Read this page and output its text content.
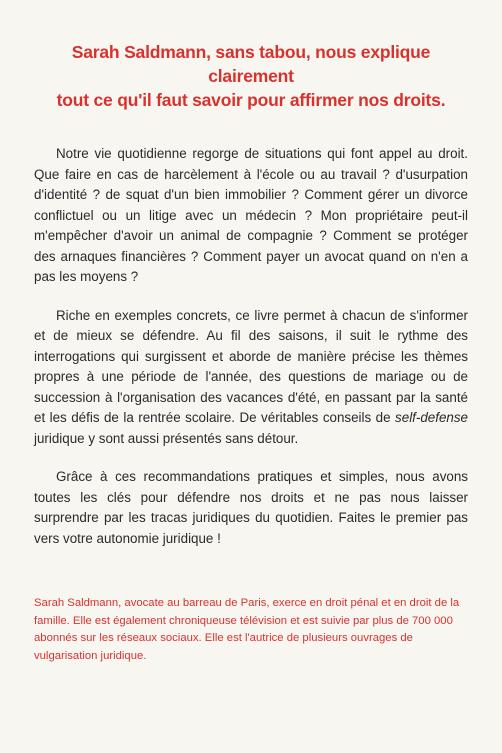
Sarah Saldmann, sans tabou, nous explique clairement
tout ce qu'il faut savoir pour affirmer nos droits.

Notre vie quotidienne regorge de situations qui font appel au droit. Que faire en cas de harcèlement à l'école ou au travail ? d'usurpation d'identité ? de squat d'un bien immobilier ? Comment gérer un divorce conflictuel ou un litige avec un médecin ? Mon propriétaire peut-il m'empêcher d'avoir un animal de compagnie ? Comment se protéger des arnaques financières ? Comment payer un avocat quand on n'en a pas les moyens ?

Riche en exemples concrets, ce livre permet à chacun de s'informer et de mieux se défendre. Au fil des saisons, il suit le rythme des interrogations qui surgissent et aborde de manière précise les thèmes propres à une période de l'année, des questions de mariage ou de succession à l'organisation des vacances d'été, en passant par la santé et les défis de la rentrée scolaire. De véritables conseils de self-defense juridique y sont aussi présentés sans détour.

Grâce à ces recommandations pratiques et simples, nous avons toutes les clés pour défendre nos droits et ne pas nous laisser surprendre par les tracas juridiques du quotidien. Faites le premier pas vers votre autonomie juridique !

Sarah Saldmann, avocate au barreau de Paris, exerce en droit pénal et en droit de la famille. Elle est également chroniqueuse télévision et est suivie par plus de 700 000 abonnés sur les réseaux sociaux. Elle est l'autrice de plusieurs ouvrages de vulgarisation juridique.
